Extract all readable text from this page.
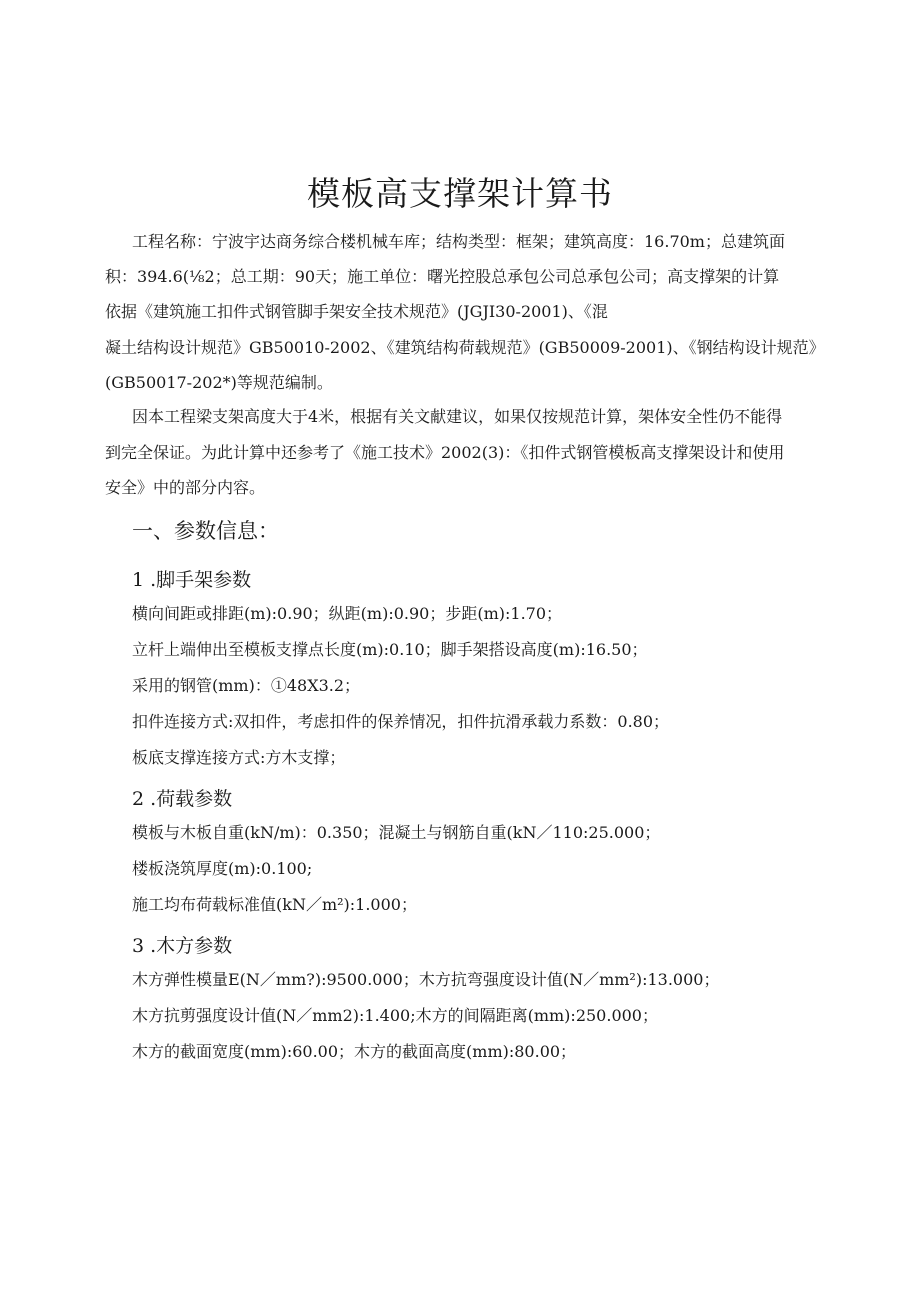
模板高支撑架计算书
工程名称：宁波宇达商务综合楼机械车库；结构类型：框架；建筑高度：16.70m；总建筑面
积：394.6(⅛2；总工期：90天；施工单位：曙光控股总承包公司总承包公司；高支撑架的计算
依据《建筑施工扣件式钢管脚手架安全技术规范》(JGJI30-2001)、《混
凝土结构设计规范》GB50010-2002、《建筑结构荷载规范》(GB50009-2001)、《钢结构设计规范》
(GB50017-202*)等规范编制。
因本工程梁支架高度大于4米，根据有关文献建议，如果仅按规范计算，架体安全性仍不能得
到完全保证。为此计算中还参考了《施工技术》2002(3)：《扣件式钢管模板高支撑架设计和使用
安全》中的部分内容。
一、参数信息：
1 .脚手架参数
横向间距或排距(m):0.90；纵距(m):0.90；步距(m):1.70；
立杆上端伸出至模板支撑点长度(m):0.10；脚手架搭设高度(m):16.50；
采用的钢管(mm)：①48X3.2；
扣件连接方式:双扣件，考虑扣件的保养情况，扣件抗滑承载力系数：0.80；
板底支撑连接方式:方木支撑；
2 .荷载参数
模板与木板自重(kN/m)：0.350；混凝土与钢筋自重(kN／110:25.000；
楼板浇筑厚度(m):0.100;
施工均布荷载标准值(kN／m²):1.000；
3 .木方参数
木方弹性模量E(N／mm?):9500.000；木方抗弯强度设计值(N／mm²):13.000；
木方抗剪强度设计值(N／mm2):1.400;木方的间隔距离(mm):250.000；
木方的截面宽度(mm):60.00；木方的截面高度(mm):80.00；
